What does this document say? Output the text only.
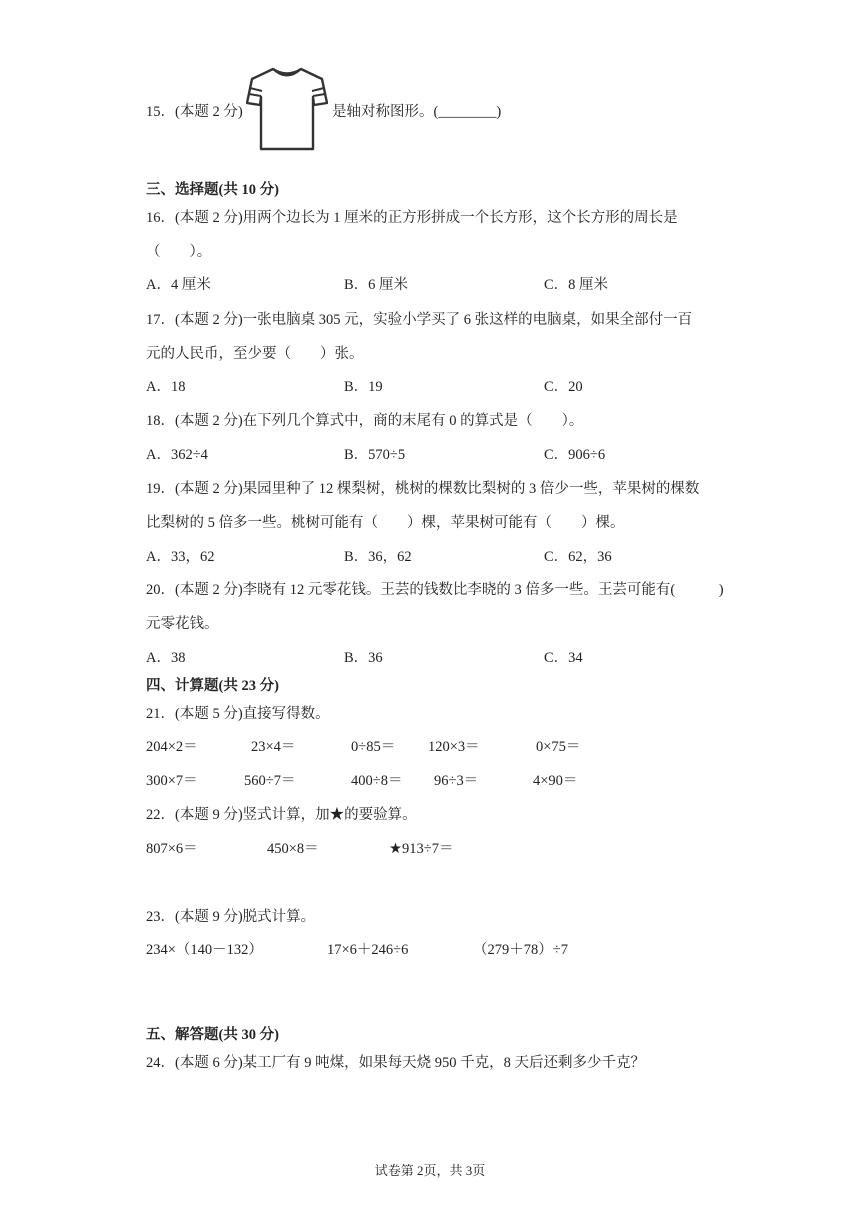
15．(本题 2 分)	是轴对称图形。(________)
三、选择题(共 10 分)
16．(本题 2 分)用两个边长为 1 厘米的正方形拼成一个长方形，这个长方形的周长是
（　　）。
A．4 厘米	B．6 厘米	C．8 厘米
17．(本题 2 分)一张电脑桌 305 元，实验小学买了 6 张这样的电脑桌，如果全部付一百
元的人民币，至少要（　　）张。
A．18	B．19	C．20
18．(本题 2 分)在下列几个算式中，商的末尾有 0 的算式是（　　）。
A．362÷4	B．570÷5	C．906÷6
19．(本题 2 分)果园里种了 12 棵梨树，桃树的棵数比梨树的 3 倍少一些，苹果树的棵数
比梨树的 5 倍多一些。桃树可能有（　　）棵，苹果树可能有（　　）棵。
A．33，62	B．36，62	C．62，36
20．(本题 2 分)李晓有 12 元零花钱。王芸的钱数比李晓的 3 倍多一些。王芸可能有(　　　)
元零花钱。
A．38	B．36	C．34
四、计算题(共 23 分)
21．(本题 5 分)直接写得数。
204×2＝	23×4＝	0÷85＝ 120×3＝	0×75＝
300×7＝	560÷7＝	400÷8＝ 96÷3＝	4×90＝
22．(本题 9 分)竖式计算，加★的要验算。
807×6＝	450×8＝	★913÷7＝
23．(本题 9 分)脱式计算。
234×（140－132）	17×6＋246÷6	（279＋78）÷7
五、解答题(共 30 分)
24．(本题 6 分)某工厂有 9 吨煤，如果每天烧 950 千克，8 天后还剩多少千克？
试卷第 2页，共 3页
